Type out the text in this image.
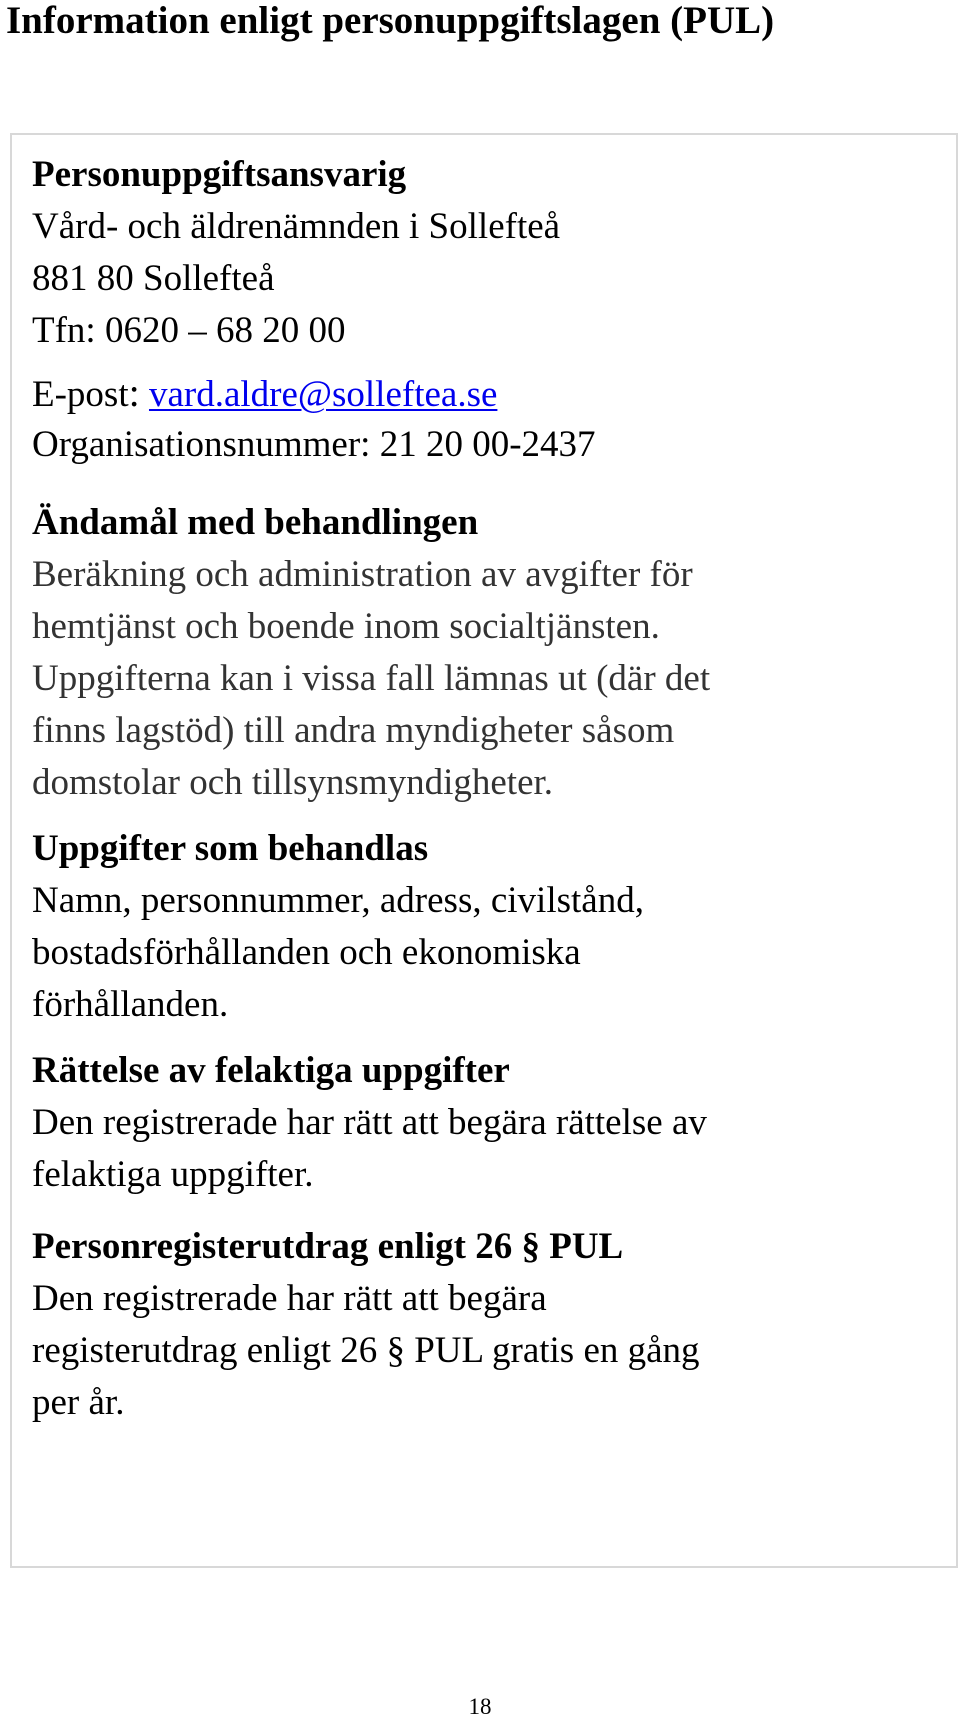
Information enligt personuppgiftslagen (PUL)
Personuppgiftsansvarig
Vård- och äldrenämnden i Sollefteå
881 80 Sollefteå
Tfn: 0620 – 68 20 00
E-post: vard.aldre@solleftea.se
Organisationsnummer: 21 20 00-2437
Ändamål med behandlingen
Beräkning och administration av avgifter för
hemtjänst och boende inom socialtjänsten.
Uppgifterna kan i vissa fall lämnas ut (där det
finns lagstöd) till andra myndigheter såsom
domstolar och tillsynsmyndigheter.
Uppgifter som behandlas
Namn, personnummer, adress, civilstånd,
bostadsförhållanden och ekonomiska
förhållanden.
Rättelse av felaktiga uppgifter
Den registrerade har rätt att begära rättelse av
felaktiga uppgifter.
Personregisterutdrag enligt 26 § PUL
Den registrerade har rätt att begära
registerutdrag enligt 26 § PUL gratis en gång
per år.
18
